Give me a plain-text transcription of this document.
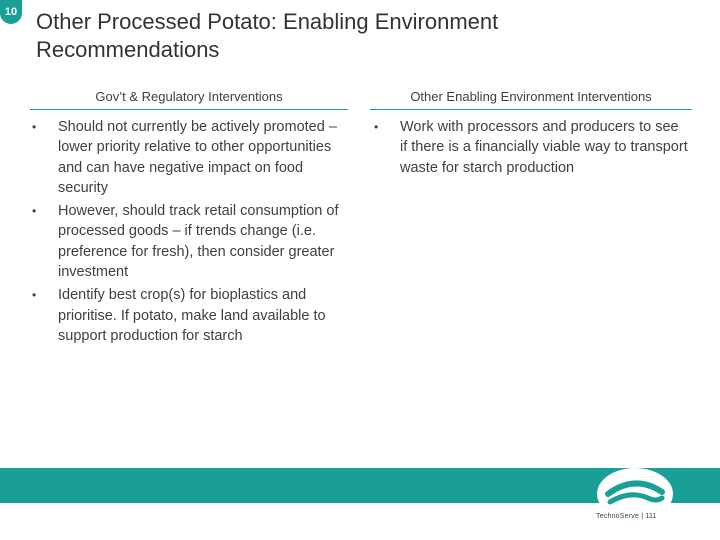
10 Other Processed Potato: Enabling Environment Recommendations
Gov’t & Regulatory Interventions	Other Enabling Environment Interventions
• Should not currently be actively promoted – lower priority relative to other opportunities and can have negative impact on food security
• However, should track retail consumption of processed goods – if trends change (i.e. preference for fresh), then consider greater investment
• Identify best crop(s) for bioplastics and prioritise. If potato, make land available to support production for starch
• Work with processors and producers to see if there is a financially viable way to transport waste for starch production
TechnoServe | 111
